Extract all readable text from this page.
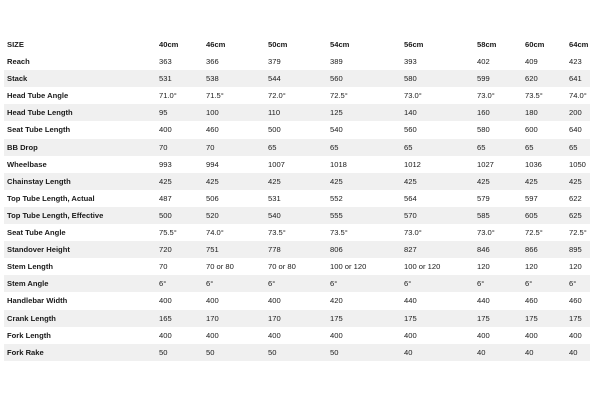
SIZE	40cm	46cm	50cm	54cm	56cm	58cm	60cm	64cm
Reach	363	366	379	389	393	402	409	423
Stack	531	538	544	560	580	599	620	641
Head Tube Angle	71.0°	71.5°	72.0°	72.5°	73.0°	73.0°	73.5°	74.0°
Head Tube Length	95	100	110	125	140	160	180	200
Seat Tube Length	400	460	500	540	560	580	600	640
BB Drop	70	70	65	65	65	65	65	65
Wheelbase	993	994	1007	1018	1012	1027	1036	1050
Chainstay Length	425	425	425	425	425	425	425	425
Top Tube Length, Actual	487	506	531	552	564	579	597	622
Top Tube Length, Effective	500	520	540	555	570	585	605	625
Seat Tube Angle	75.5°	74.0°	73.5°	73.5°	73.0°	73.0°	72.5°	72.5°
Standover Height	720	751	778	806	827	846	866	895
Stem Length	70	70 or 80	70 or 80	100 or 120	100 or 120	120	120	120
Stem Angle	6°	6°	6°	6°	6°	6°	6°	6°
Handlebar Width	400	400	400	420	440	440	460	460
Crank Length	165	170	170	175	175	175	175	175
Fork Length	400	400	400	400	400	400	400	400
Fork Rake	50	50	50	50	40	40	40	40
